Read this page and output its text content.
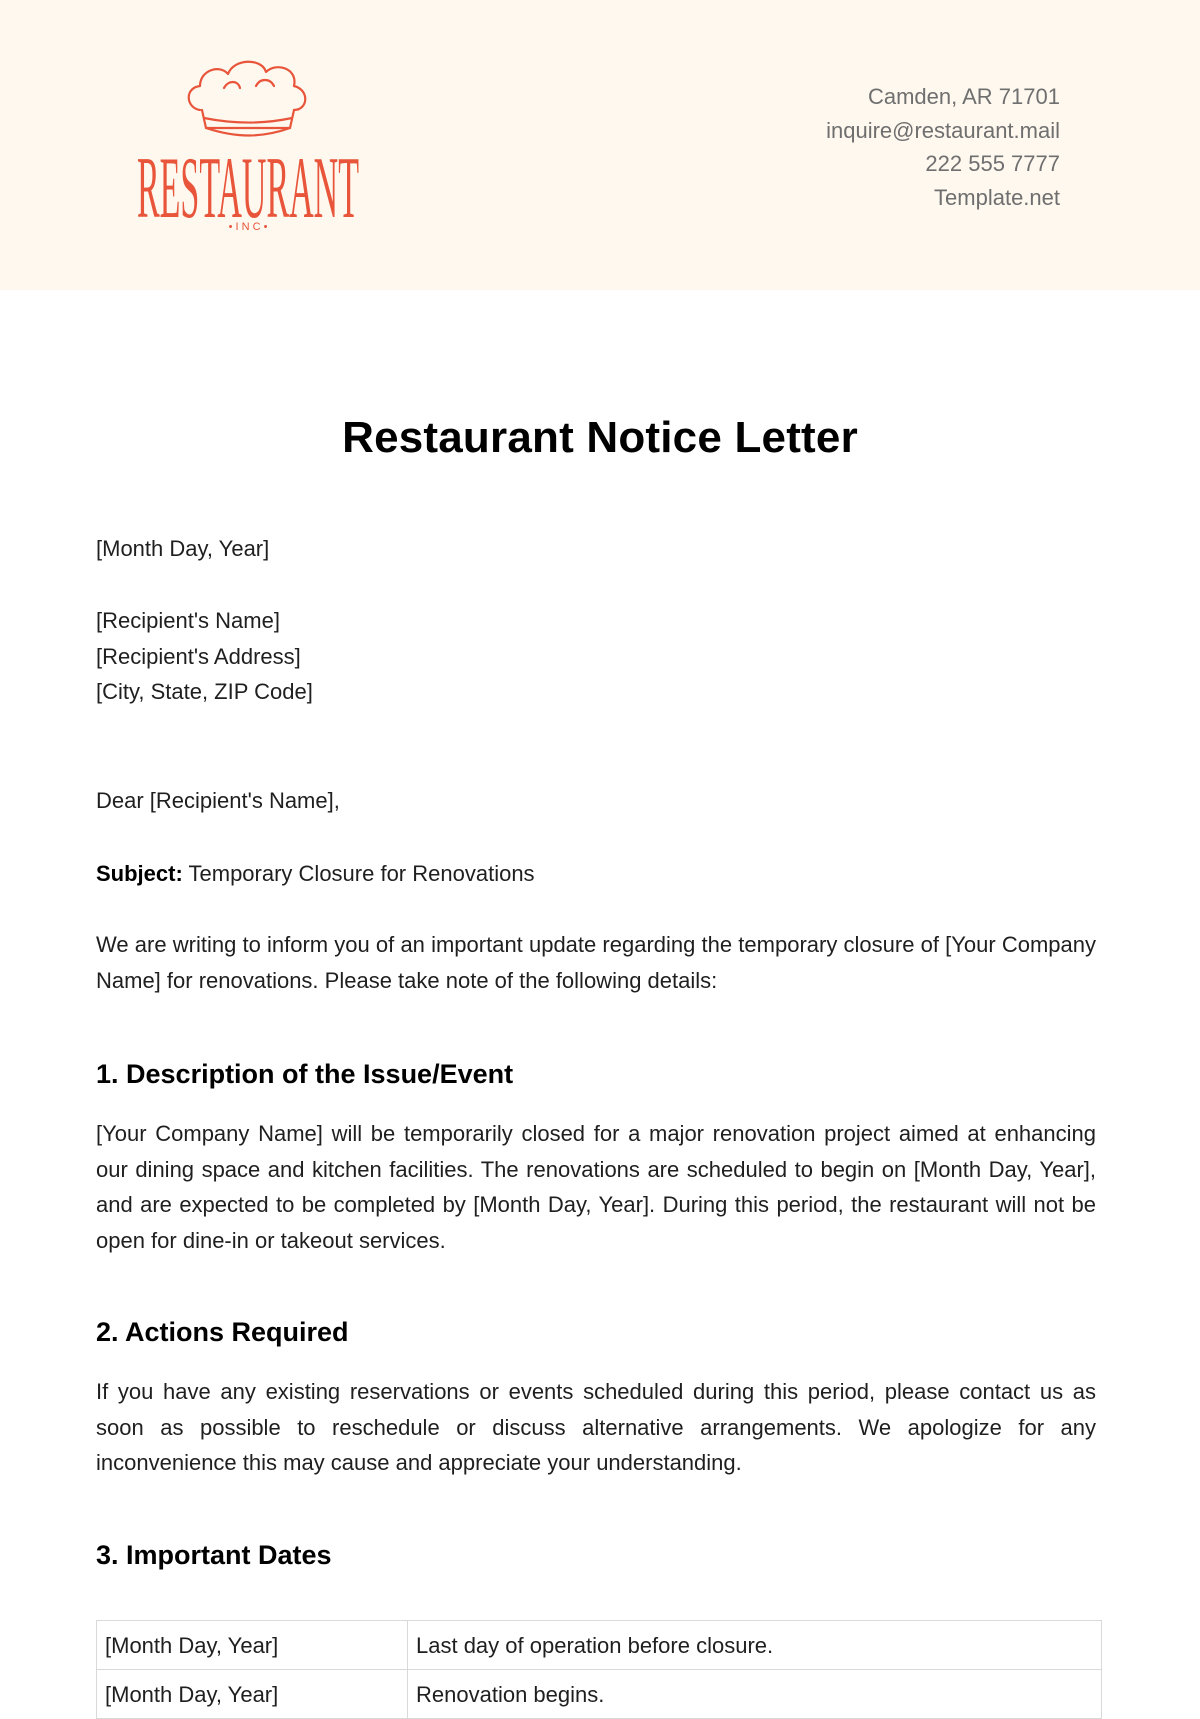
RESTAURANT
• I N C •
Camden, AR 71701
inquire@restaurant.mail
222 555 7777
Template.net
Restaurant Notice Letter
[Month Day, Year]
[Recipient's Name]
[Recipient's Address]
[City, State, ZIP Code]
Dear [Recipient's Name],
Subject: Temporary Closure for Renovations
We are writing to inform you of an important update regarding the temporary closure of [Your Company Name] for renovations. Please take note of the following details:
1. Description of the Issue/Event
[Your Company Name] will be temporarily closed for a major renovation project aimed at enhancing our dining space and kitchen facilities. The renovations are scheduled to begin on [Month Day, Year], and are expected to be completed by [Month Day, Year]. During this period, the restaurant will not be open for dine-in or takeout services.
2. Actions Required
If you have any existing reservations or events scheduled during this period, please contact us as soon as possible to reschedule or discuss alternative arrangements. We apologize for any inconvenience this may cause and appreciate your understanding.
3. Important Dates
[Month Day, Year]	Last day of operation before closure.
[Month Day, Year]	Renovation begins.
